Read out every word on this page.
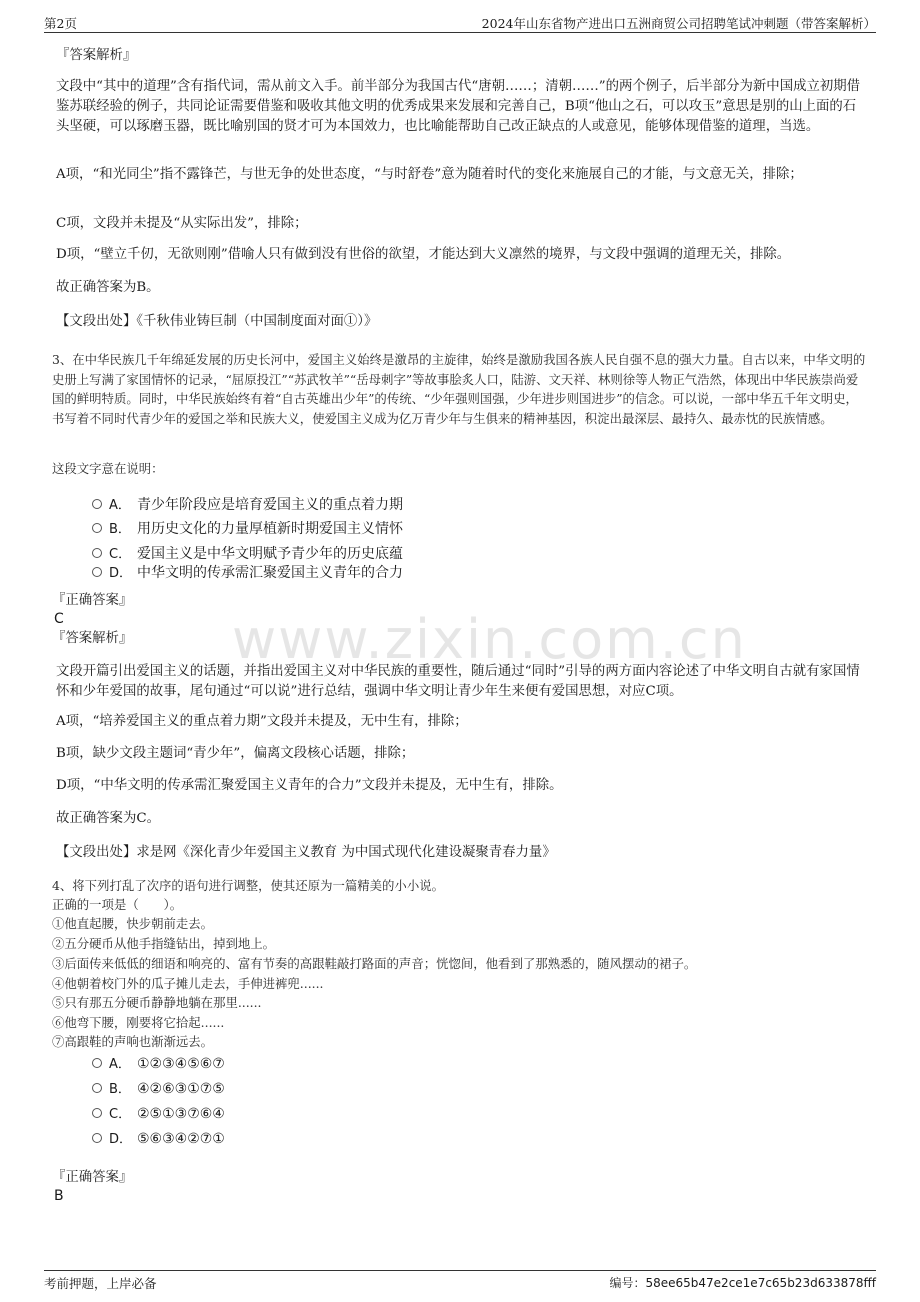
第2页	2024年山东省物产进出口五洲商贸公司招聘笔试冲刺题（带答案解析）
www.zixin.com.cn

『答案解析』

文段中“其中的道理”含有指代词，需从前文入手。前半部分为我国古代“唐朝……；清朝……”的两个例子，后半部分为新中国成立初期借鉴苏联经验的例子，共同论证需要借鉴和吸收其他文明的优秀成果来发展和完善自己，B项“他山之石，可以攻玉”意思是别的山上面的石头坚硬，可以琢磨玉器，既比喻别国的贤才可为本国效力，也比喻能帮助自己改正缺点的人或意见，能够体现借鉴的道理，当选。

A项，“和光同尘”指不露锋芒，与世无争的处世态度，“与时舒卷”意为随着时代的变化来施展自己的才能，与文意无关，排除；

C项，文段并未提及“从实际出发”，排除；

D项，“壁立千仞，无欲则刚”借喻人只有做到没有世俗的欲望，才能达到大义凛然的境界，与文段中强调的道理无关，排除。

故正确答案为B。

【文段出处】《千秋伟业铸巨制（中国制度面对面①）》

3、在中华民族几千年绵延发展的历史长河中，爱国主义始终是激昂的主旋律，始终是激励我国各族人民自强不息的强大力量。自古以来，中华文明的史册上写满了家国情怀的记录，“屈原投江”“苏武牧羊”“岳母刺字”等故事脍炙人口，陆游、文天祥、林则徐等人物正气浩然，体现出中华民族崇尚爱国的鲜明特质。同时，中华民族始终有着“自古英雄出少年”的传统、“少年强则国强，少年进步则国进步”的信念。可以说，一部中华五千年文明史，书写着不同时代青少年的爱国之举和民族大义，使爱国主义成为亿万青少年与生俱来的精神基因，积淀出最深层、最持久、最赤忱的民族情感。

这段文字意在说明：

A． 青少年阶段应是培育爱国主义的重点着力期
B． 用历史文化的力量厚植新时期爱国主义情怀
C． 爱国主义是中华文明赋予青少年的历史底蕴
D． 中华文明的传承需汇聚爱国主义青年的合力

『正确答案』

C

『答案解析』

文段开篇引出爱国主义的话题，并指出爱国主义对中华民族的重要性，随后通过“同时”引导的两方面内容论述了中华文明自古就有家国情怀和少年爱国的故事，尾句通过“可以说”进行总结，强调中华文明让青少年生来便有爱国思想，对应C项。

A项，“培养爱国主义的重点着力期”文段并未提及，无中生有，排除；

B项，缺少文段主题词“青少年”，偏离文段核心话题，排除；

D项，“中华文明的传承需汇聚爱国主义青年的合力”文段并未提及，无中生有，排除。

故正确答案为C。

【文段出处】求是网《深化青少年爱国主义教育 为中国式现代化建设凝聚青春力量》

4、将下列打乱了次序的语句进行调整，使其还原为一篇精美的小小说。

正确的一项是（　　）。

①他直起腰，快步朝前走去。

②五分硬币从他手指缝钻出，掉到地上。

③后面传来低低的细语和响亮的、富有节奏的高跟鞋敲打路面的声音；恍惚间，他看到了那熟悉的，随风摆动的裙子。

④他朝着校门外的瓜子摊儿走去，手伸进裤兜......

⑤只有那五分硬币静静地躺在那里......

⑥他弯下腰，刚要将它拾起......

⑦高跟鞋的声响也渐渐远去。

A． ①②③④⑤⑥⑦
B． ④②⑥③①⑦⑤
C． ②⑤①③⑦⑥④
D． ⑤⑥③④②⑦①

『正确答案』

B

考前押题，上岸必备	编号：58ee65b47e2ce1e7c65b23d633878fff
